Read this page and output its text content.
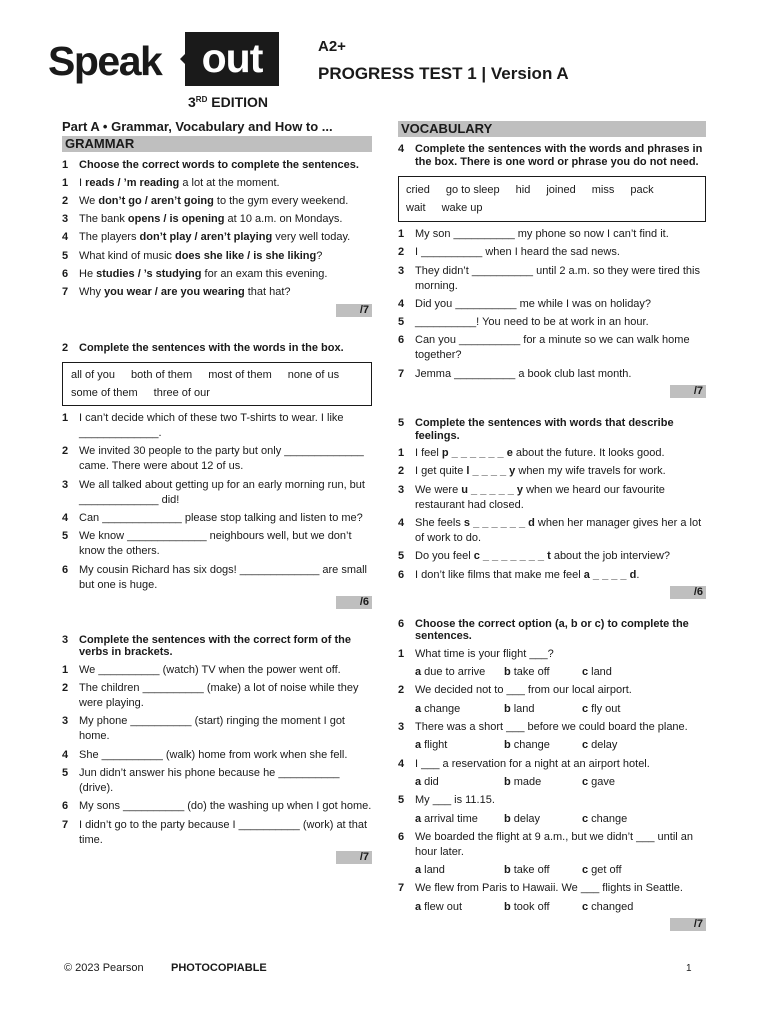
Speak out
3RD EDITION
A2+
PROGRESS TEST 1 | Version A
Part A • Grammar, Vocabulary and How to ...
GRAMMAR
1 Choose the correct words to complete the sentences.
1 I reads / ’m reading a lot at the moment.
2 We don’t go / aren’t going to the gym every weekend.
3 The bank opens / is opening at 10 a.m. on Mondays.
4 The players don’t play / aren’t playing very well today.
5 What kind of music does she like / is she liking?
6 He studies / ’s studying for an exam this evening.
7 Why you wear / are you wearing that hat?
/7
2 Complete the sentences with the words in the box.
all of you both of them most of them none of us
some of them three of our
1 I can’t decide which of these two T-shirts to wear. I like _____________.
2 We invited 30 people to the party but only _____________ came. There were about 12 of us.
3 We all talked about getting up for an early morning run, but _____________ did!
4 Can _____________ please stop talking and listen to me?
5 We know _____________ neighbours well, but we don’t know the others.
6 My cousin Richard has six dogs! _____________ are small but one is huge.
/6
3 Complete the sentences with the correct form of the verbs in brackets.
1 We __________ (watch) TV when the power went off.
2 The children __________ (make) a lot of noise while they were playing.
3 My phone __________ (start) ringing the moment I got home.
4 She __________ (walk) home from work when she fell.
5 Jun didn’t answer his phone because he __________ (drive).
6 My sons __________ (do) the washing up when I got home.
7 I didn’t go to the party because I __________ (work) at that time.
/7
VOCABULARY
4 Complete the sentences with the words and phrases in the box. There is one word or phrase you do not need.
cried go to sleep hid joined miss pack
wait wake up
1 My son __________ my phone so now I can’t find it.
2 I __________ when I heard the sad news.
3 They didn’t __________ until 2 a.m. so they were tired this morning.
4 Did you __________ me while I was on holiday?
5 __________! You need to be at work in an hour.
6 Can you __________ for a minute so we can walk home together?
7 Jemma __________ a book club last month.
/7
5 Complete the sentences with words that describe feelings.
1 I feel p _ _ _ _ _ _ e about the future. It looks good.
2 I get quite l _ _ _ _ y when my wife travels for work.
3 We were u _ _ _ _ _ y when we heard our favourite restaurant had closed.
4 She feels s _ _ _ _ _ _ d when her manager gives her a lot of work to do.
5 Do you feel c _ _ _ _ _ _ _ t about the job interview?
6 I don’t like films that make me feel a _ _ _ _ d.
/6
6 Choose the correct option (a, b or c) to complete the sentences.
1 What time is your flight ___?
a due to arrive	b take off	c land
2 We decided not to ___ from our local airport.
a change	b land	c fly out
3 There was a short ___ before we could board the plane.
a flight	b change	c delay
4 I ___ a reservation for a night at an airport hotel.
a did	b made	c gave
5 My ___ is 11.15.
a arrival time	b delay	c change
6 We boarded the flight at 9 a.m., but we didn’t ___ until an hour later.
a land	b take off	c get off
7 We flew from Paris to Hawaii. We ___ flights in Seattle.
a flew out	b took off	c changed
/7
© 2023 Pearson PHOTOCOPIABLE	1
